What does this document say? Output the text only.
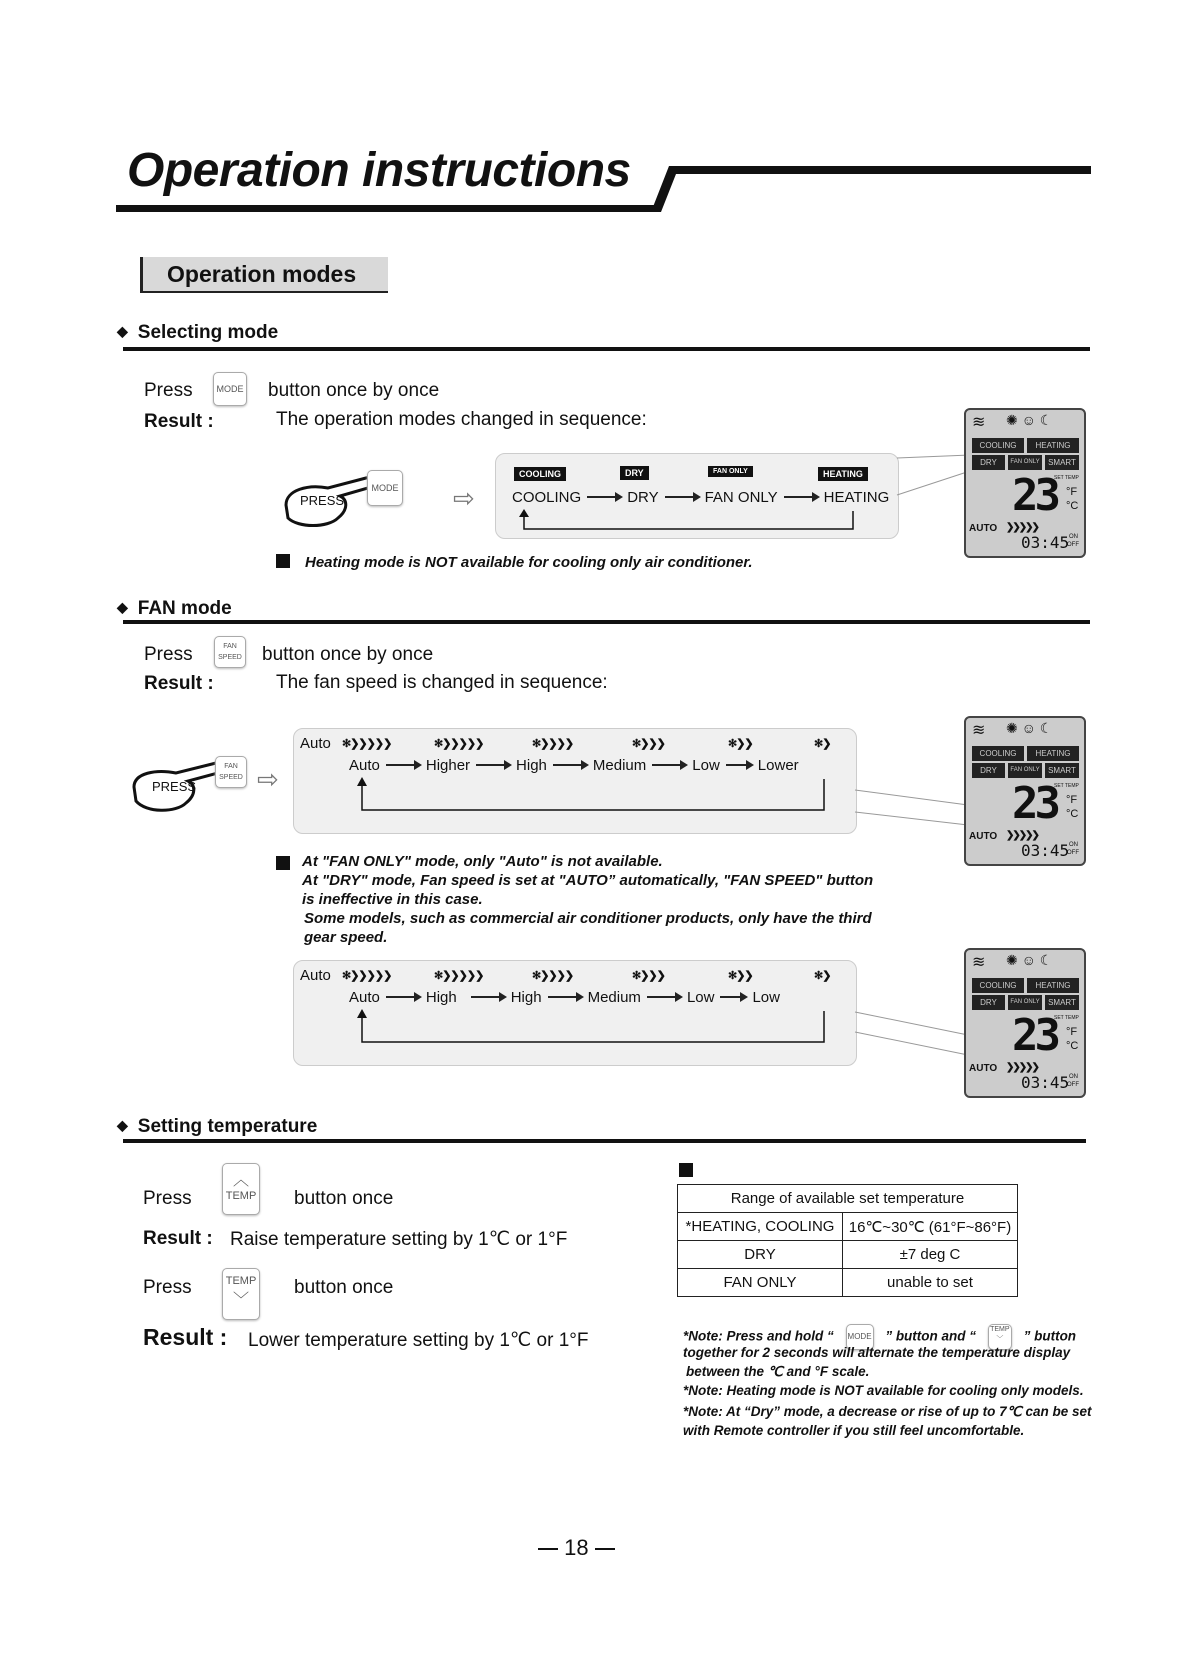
Operation instructions
Operation modes
◆ Selecting mode
Press	MODE button once by once
Result :	The operation modes changed in sequence:
PRESS
MODE ⇨
COOLING	DRY	FAN ONLY	HEATING
COOLING	DRY	FAN ONLY	HEATING
Heating mode is NOT available for cooling only air conditioner.
≋ ✺ ☺ ☾
COOLING	HEATING
DRY	FAN ONLY	SMART
SET TEMP
23 °F
°C
AUTO ❯❯❯❯❯
03:45 ON
OFF
◆ FAN mode
Press	FAN SPEED button once by once
Result :	The fan speed is changed in sequence:
PRESS
FAN SPEED ⇨
Auto ✻❯❯❯❯❯	✻❯❯❯❯❯	✻❯❯❯❯	✻❯❯❯	✻❯❯	✻❯
Auto	Higher	High	Medium	Low	Lower
≋ ✺ ☺ ☾
COOLING	HEATING
DRY	FAN ONLY	SMART
SET TEMP
23 °F
°C
AUTO ❯❯❯❯❯
03:45 ON
OFF
At "FAN ONLY" mode, only "Auto" is not available.
At "DRY" mode, Fan speed is set at "AUTO” automatically, "FAN SPEED" button
is ineffective in this case.
Some models, such as commercial air conditioner products, only have the third
gear speed.
Auto ✻❯❯❯❯❯	✻❯❯❯❯❯	✻❯❯❯❯	✻❯❯❯	✻❯❯	✻❯
Auto	High	High	Medium	Low	Low
≋ ✺ ☺ ☾
COOLING	HEATING
DRY	FAN ONLY	SMART
SET TEMP
23 °F
°C
AUTO ❯❯❯❯❯
03:45 ON
OFF
◆ Setting temperature
Press
︿
TEMP button once
Result : Raise temperature setting by 1℃ or 1°F
Press	TEMP
﹀
button once
Result : Lower temperature setting by 1℃ or 1°F
Range of available set temperature	
*HEATING, COOLING	16℃~30℃ (61°F~86°F)
DRY	±7 deg C
FAN ONLY	unable to set
*Note: Press and hold “ MODE ” button and “ TEMP
﹀ ” button
together for 2 seconds will alternate the temperature display
between the ℃ and °F scale.
*Note: Heating mode is NOT available for cooling only models.
*Note: At “Dry” mode, a decrease or rise of up to 7℃ can be set
with Remote controller if you still feel uncomfortable.
18
